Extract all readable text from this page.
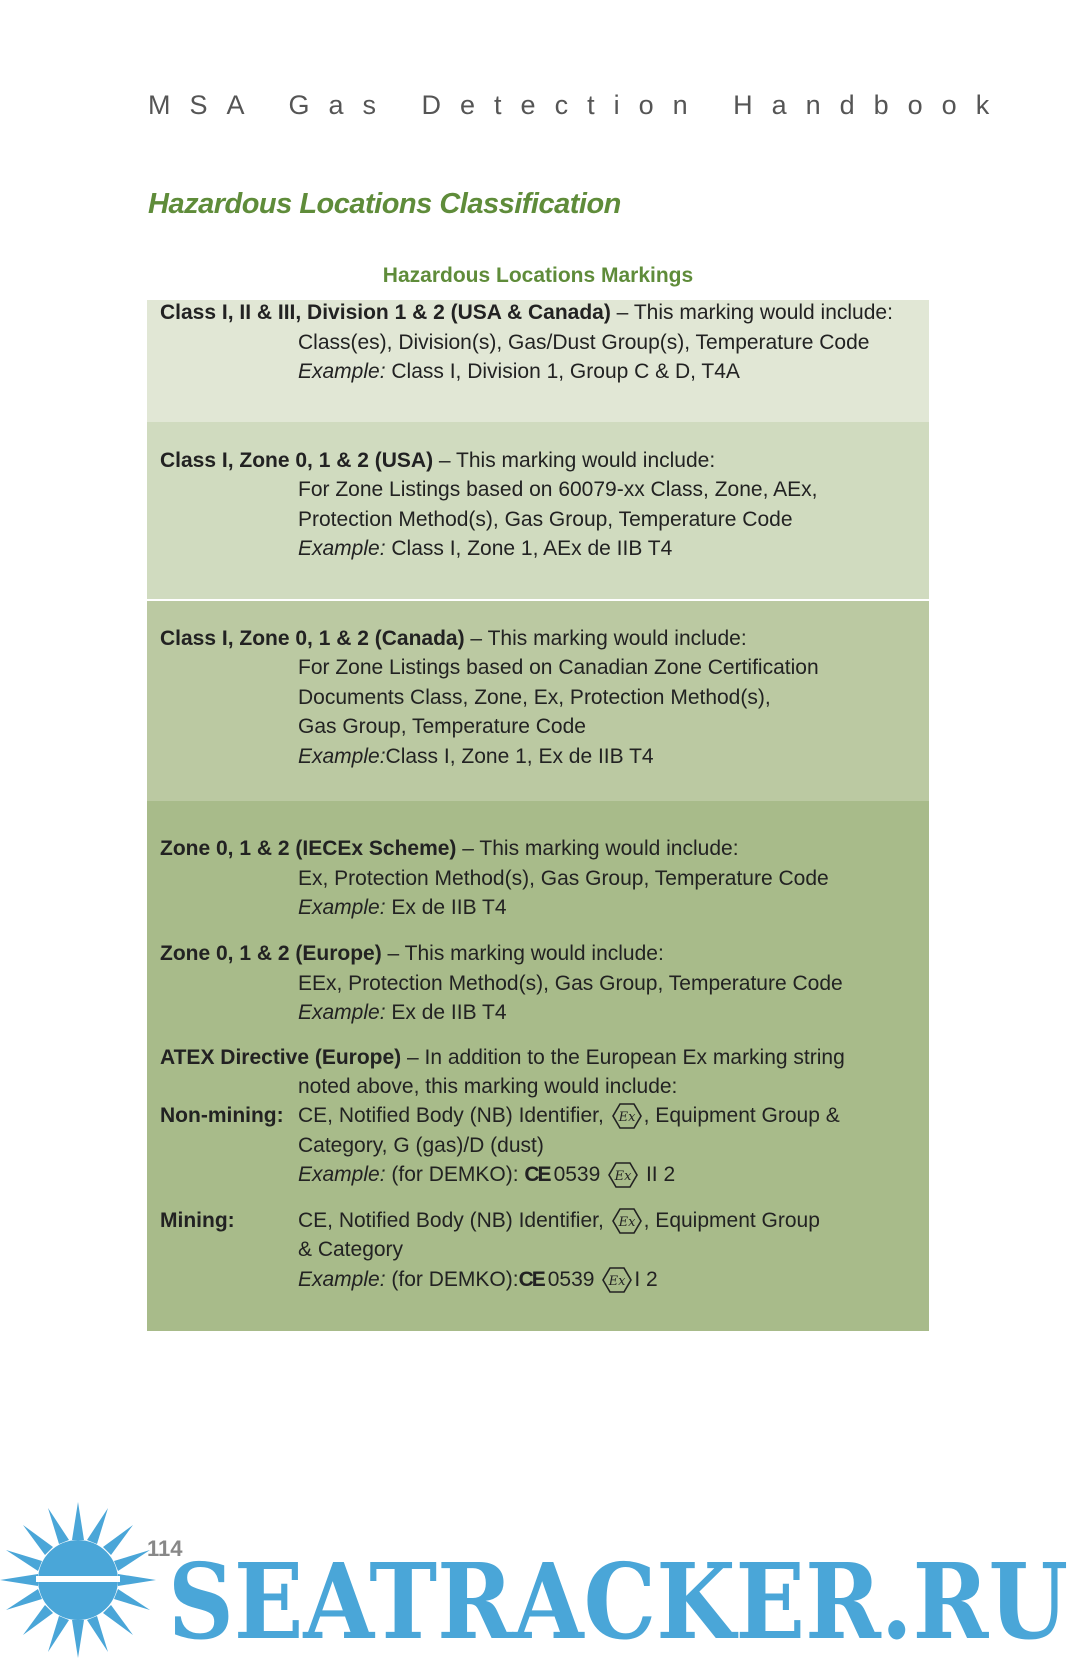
MSA Gas Detection Handbook
Hazardous Locations Classification
Hazardous Locations Markings
Class I, II & III, Division 1 & 2 (USA & Canada) – This marking would include:
Class(es), Division(s), Gas/Dust Group(s), Temperature Code
Example: Class I, Division 1, Group C & D, T4A
Class I, Zone 0, 1 & 2 (USA) – This marking would include:
For Zone Listings based on 60079-xx Class, Zone, AEx,
Protection Method(s), Gas Group, Temperature Code
Example: Class I, Zone 1, AEx de IIB T4
Class I, Zone 0, 1 & 2 (Canada) – This marking would include:
For Zone Listings based on Canadian Zone Certification
Documents Class, Zone, Ex, Protection Method(s),
Gas Group, Temperature Code
Example:Class I, Zone 1, Ex de IIB T4
Zone 0, 1 & 2 (IECEx Scheme) – This marking would include:
Ex, Protection Method(s), Gas Group, Temperature Code
Example: Ex de IIB T4
Zone 0, 1 & 2 (Europe) – This marking would include:
EEx, Protection Method(s), Gas Group, Temperature Code
Example: Ex de IIB T4
ATEX Directive (Europe) – In addition to the European Ex marking string
noted above, this marking would include:
Non-mining: CE, Notified Body (NB) Identifier, Ex , Equipment Group &
Category, G (gas)/D (dust)
Example: (for DEMKO): CE 0539 Ex II 2
Mining:	CE, Notified Body (NB) Identifier, Ex , Equipment Group
& Category
Example: (for DEMKO):CE 0539 Ex I 2
SEATRACKER.RU
114
